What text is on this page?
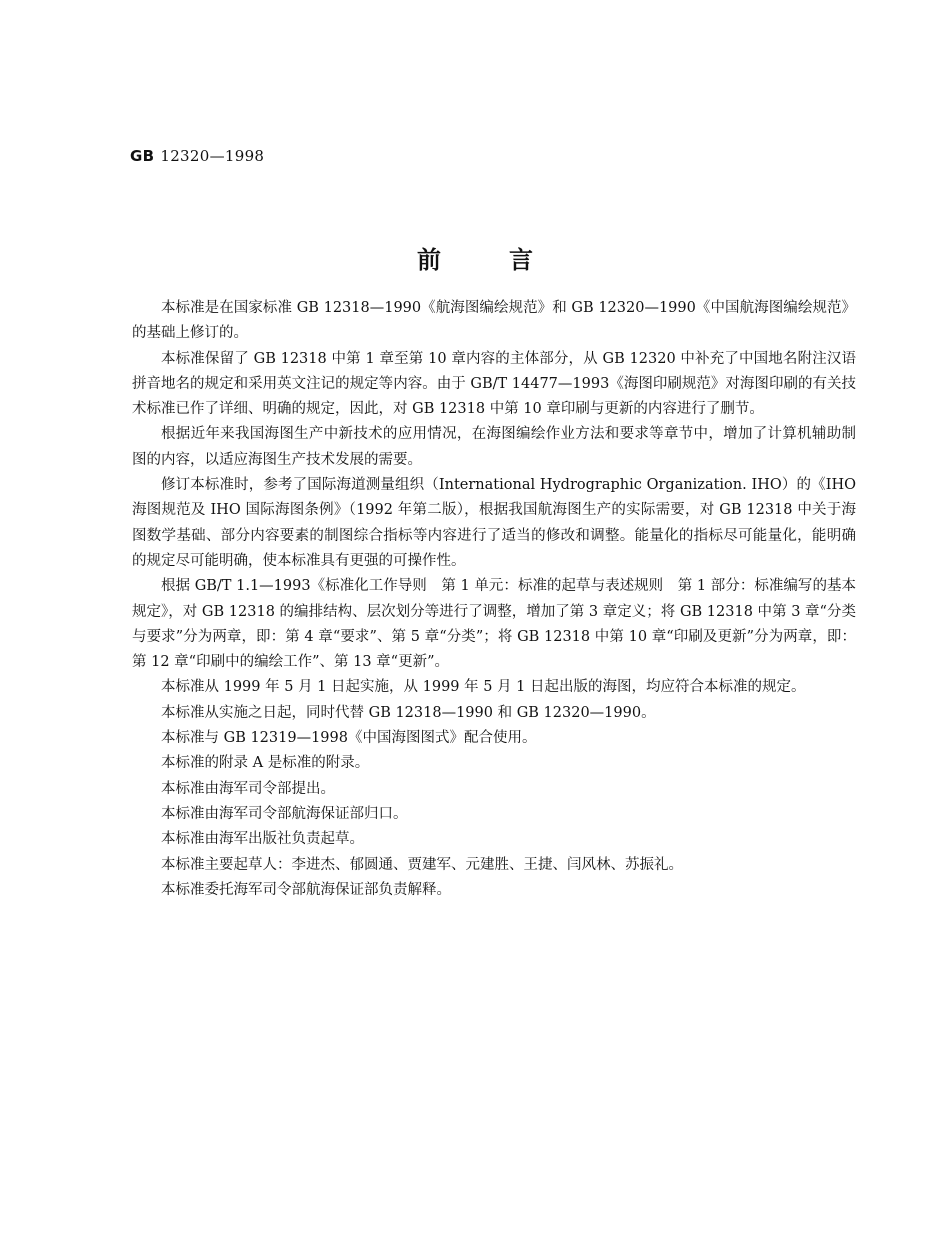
GB 12320—1998
前言

本标准是在国家标准 GB 12318—1990《航海图编绘规范》和 GB 12320—1990《中国航海图编绘规范》的基础上修订的。

本标准保留了 GB 12318 中第 1 章至第 10 章内容的主体部分，从 GB 12320 中补充了中国地名附注汉语拼音地名的规定和采用英文注记的规定等内容。由于 GB/T 14477—1993《海图印刷规范》对海图印刷的有关技术标准已作了详细、明确的规定，因此，对 GB 12318 中第 10 章印刷与更新的内容进行了删节。

根据近年来我国海图生产中新技术的应用情况，在海图编绘作业方法和要求等章节中，增加了计算机辅助制图的内容，以适应海图生产技术发展的需要。

修订本标准时，参考了国际海道测量组织（International Hydrographic Organization. IHO）的《IHO 海图规范及 IHO 国际海图条例》（1992 年第二版），根据我国航海图生产的实际需要，对 GB 12318 中关于海图数学基础、部分内容要素的制图综合指标等内容进行了适当的修改和调整。能量化的指标尽可能量化，能明确的规定尽可能明确，使本标准具有更强的可操作性。

根据 GB/T 1.1—1993《标准化工作导则　第 1 单元：标准的起草与表述规则　第 1 部分：标准编写的基本规定》，对 GB 12318 的编排结构、层次划分等进行了调整，增加了第 3 章定义；将 GB 12318 中第 3 章“分类与要求”分为两章，即：第 4 章“要求”、第 5 章“分类”；将 GB 12318 中第 10 章“印刷及更新”分为两章，即：第 12 章“印刷中的编绘工作”、第 13 章“更新”。

本标准从 1999 年 5 月 1 日起实施，从 1999 年 5 月 1 日起出版的海图，均应符合本标准的规定。

本标准从实施之日起，同时代替 GB 12318—1990 和 GB 12320—1990。

本标准与 GB 12319—1998《中国海图图式》配合使用。

本标准的附录 A 是标准的附录。

本标准由海军司令部提出。

本标准由海军司令部航海保证部归口。

本标准由海军出版社负责起草。

本标准主要起草人：李进杰、郁圆通、贾建军、元建胜、王捷、闫风林、苏振礼。

本标准委托海军司令部航海保证部负责解释。
